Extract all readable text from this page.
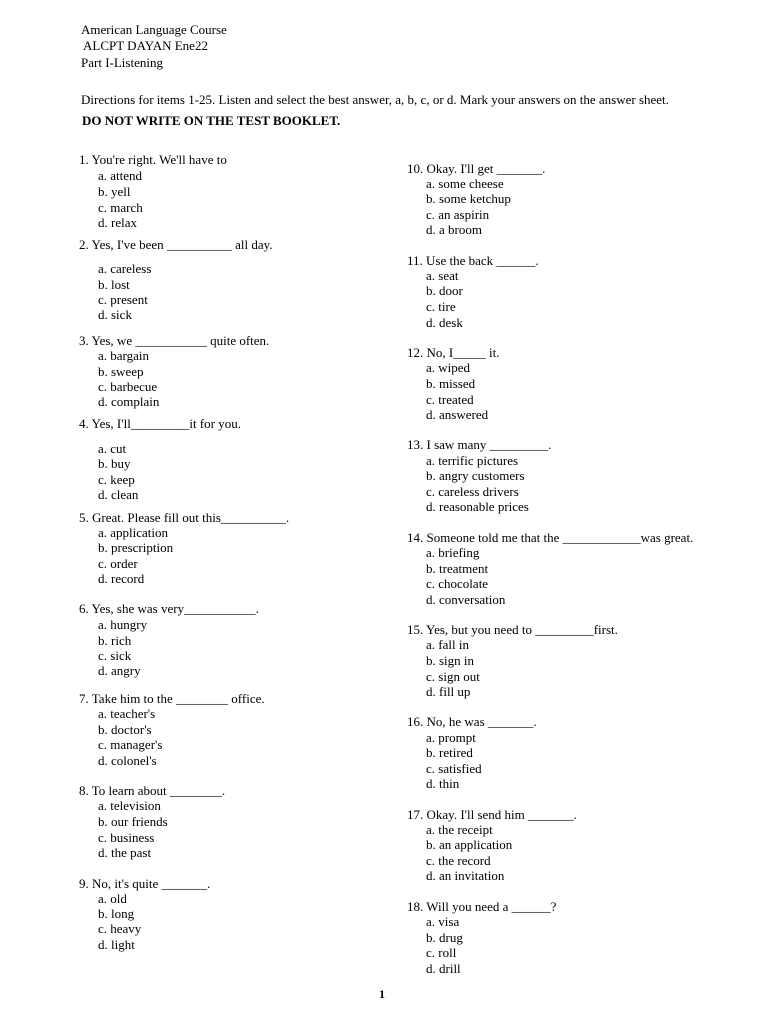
American Language Course
ALCPT DAYAN Ene22
Part I-Listening
Directions for items 1-25. Listen and select the best answer, a, b, c, or d. Mark your answers on the answer sheet.
DO NOT WRITE ON THE TEST BOOKLET.
1. You're right. We'll have to
a. attend
b. yell
c. march
d. relax
2. Yes, I've been __________ all day.
a. careless
b. lost
c. present
d. sick
3. Yes, we ___________ quite often.
a. bargain
b. sweep
c. barbecue
d. complain
4. Yes, I'll_________it for you.
a. cut
b. buy
c. keep
d. clean
5. Great. Please fill out this__________.
a. application
b. prescription
c. order
d. record
6. Yes, she was very___________.
a. hungry
b. rich
c. sick
d. angry
7. Take him to the ________ office.
a. teacher's
b. doctor's
c. manager's
d. colonel's
8. To learn about ________.
a. television
b. our friends
c. business
d. the past
9. No, it's quite _______.
a. old
b. long
c. heavy
d. light
10. Okay. I'll get _______.
a. some cheese
b. some ketchup
c. an aspirin
d. a broom
11. Use the back ______.
a. seat
b. door
c. tire
d. desk
12. No, I_____ it.
a. wiped
b. missed
c. treated
d. answered
13. I saw many _________.
a. terrific pictures
b. angry customers
c. careless drivers
d. reasonable prices
14. Someone told me that the ____________was great.
a. briefing
b. treatment
c. chocolate
d. conversation
15. Yes, but you need to _________first.
a. fall in
b. sign in
c. sign out
d. fill up
16. No, he was _______.
a. prompt
b. retired
c. satisfied
d. thin
17. Okay. I'll send him _______.
a. the receipt
b. an application
c. the record
d. an invitation
18. Will you need a ______?
a. visa
b. drug
c. roll
d. drill
1
